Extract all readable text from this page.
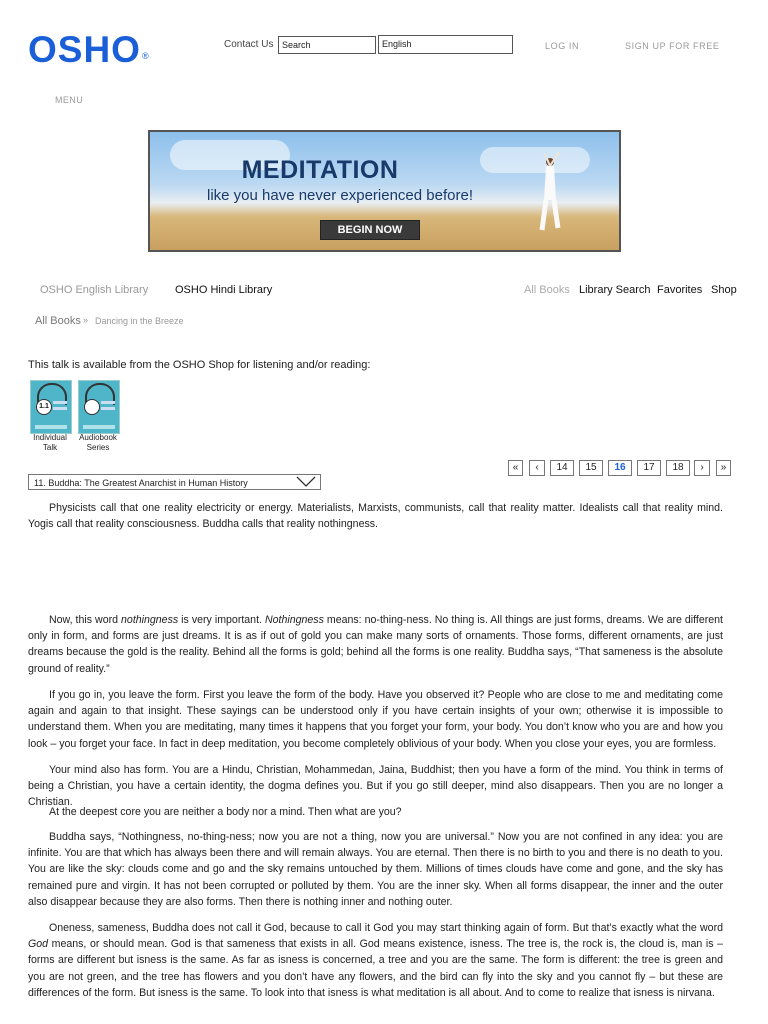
OSHO®
Contact Us
Search	English	LOG IN	SIGN UP FOR FREE
MENU
MEDITATION
like you have never experienced before!
BEGIN NOW
OSHO English Library OSHO Hindi Library	All Books Library Search Favorites Shop
All Books » Dancing in the Breeze
This talk is available from the OSHO Shop for listening and/or reading:
1.1
Individual
Talk
Audiobook
Series
«	‹	14	15	16	17	18	›	»
11. Buddha: The Greatest Anarchist in Human History

Physicists call that one reality electricity or energy. Materialists, Marxists, communists, call that reality matter. Idealists call that reality mind. Yogis call that reality consciousness. Buddha calls that reality nothingness.

Now, this word nothingness is very important. Nothingness means: no-thing-ness. No thing is. All things are just forms, dreams. We are different only in form, and forms are just dreams. It is as if out of gold you can make many sorts of ornaments. Those forms, different ornaments, are just dreams because the gold is the reality. Behind all the forms is gold; behind all the forms is one reality. Buddha says, “That sameness is the absolute ground of reality.”

If you go in, you leave the form. First you leave the form of the body. Have you observed it? People who are close to me and meditating come again and again to that insight. These sayings can be understood only if you have certain insights of your own; otherwise it is impossible to understand them. When you are meditating, many times it happens that you forget your form, your body. You don’t know who you are and how you look – you forget your face. In fact in deep meditation, you become completely oblivious of your body. When you close your eyes, you are formless.

Your mind also has form. You are a Hindu, Christian, Mohammedan, Jaina, Buddhist; then you have a form of the mind. You think in terms of being a Christian, you have a certain identity, the dogma defines you. But if you go still deeper, mind also disappears. Then you are no longer a Christian.

At the deepest core you are neither a body nor a mind. Then what are you?

Buddha says, “Nothingness, no-thing-ness; now you are not a thing, now you are universal.” Now you are not confined in any idea: you are infinite. You are that which has always been there and will remain always. You are eternal. Then there is no birth to you and there is no death to you. You are like the sky: clouds come and go and the sky remains untouched by them. Millions of times clouds have come and gone, and the sky has remained pure and virgin. It has not been corrupted or polluted by them. You are the inner sky. When all forms disappear, the inner and the outer also disappear because they are also forms. Then there is nothing inner and nothing outer.

Oneness, sameness, Buddha does not call it God, because to call it God you may start thinking again of form. But that’s exactly what the word God means, or should mean. God is that sameness that exists in all. God means existence, isness. The tree is, the rock is, the cloud is, man is – forms are different but isness is the same. As far as isness is concerned, a tree and you are the same. The form is different: the tree is green and you are not green, and the tree has flowers and you don’t have any flowers, and the bird can fly into the sky and you cannot fly – but these are differences of the form. But isness is the same. To look into that isness is what meditation is all about. And to come to realize that isness is nirvana.
